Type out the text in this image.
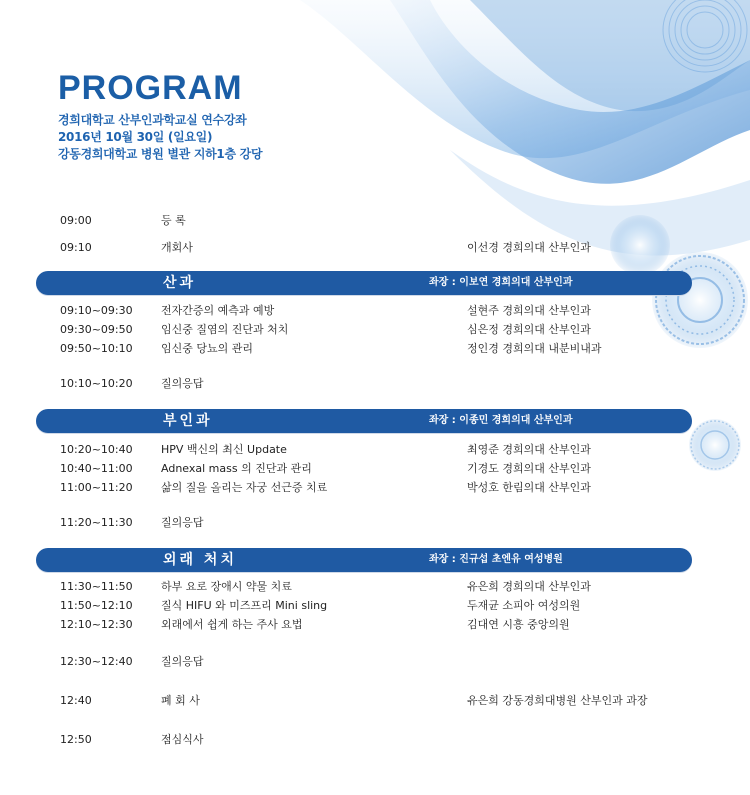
PROGRAM
경희대학교 산부인과학교실 연수강좌
2016년 10월 30일 (일요일)
강동경희대학교 병원 별관 지하1층 강당
09:00	등 록
09:10	개회사	이선경 경희의대 산부인과
산과	좌장 : 이보연 경희의대 산부인과
09:10~09:30	전자간증의 예측과 예방	설현주 경희의대 산부인과
09:30~09:50	임신중 질염의 진단과 처치	심은정 경희의대 산부인과
09:50~10:10	임신중 당뇨의 관리	정인경 경희의대 내분비내과
10:10~10:20	질의응답
부인과	좌장 : 이종민 경희의대 산부인과
10:20~10:40	HPV 백신의 최신 Update	최영준 경희의대 산부인과
10:40~11:00	Adnexal mass 의 진단과 관리	기경도 경희의대 산부인과
11:00~11:20	삶의 질을 올리는 자궁 선근증 치료	박성호 한림의대 산부인과
11:20~11:30	질의응답
외래 처치	좌장 : 진규섭 초엔유 여성병원
11:30~11:50	하부 요로 장애시 약물 치료	유은희 경희의대 산부인과
11:50~12:10	질식 HIFU 와 미즈프리 Mini sling	두재균 소피아 여성의원
12:10~12:30	외래에서 쉽게 하는 주사 요법	김대연 시흥 중앙의원
12:30~12:40	질의응답
12:40	폐 회 사	유은희 강동경희대병원 산부인과 과장
12:50	점심식사
